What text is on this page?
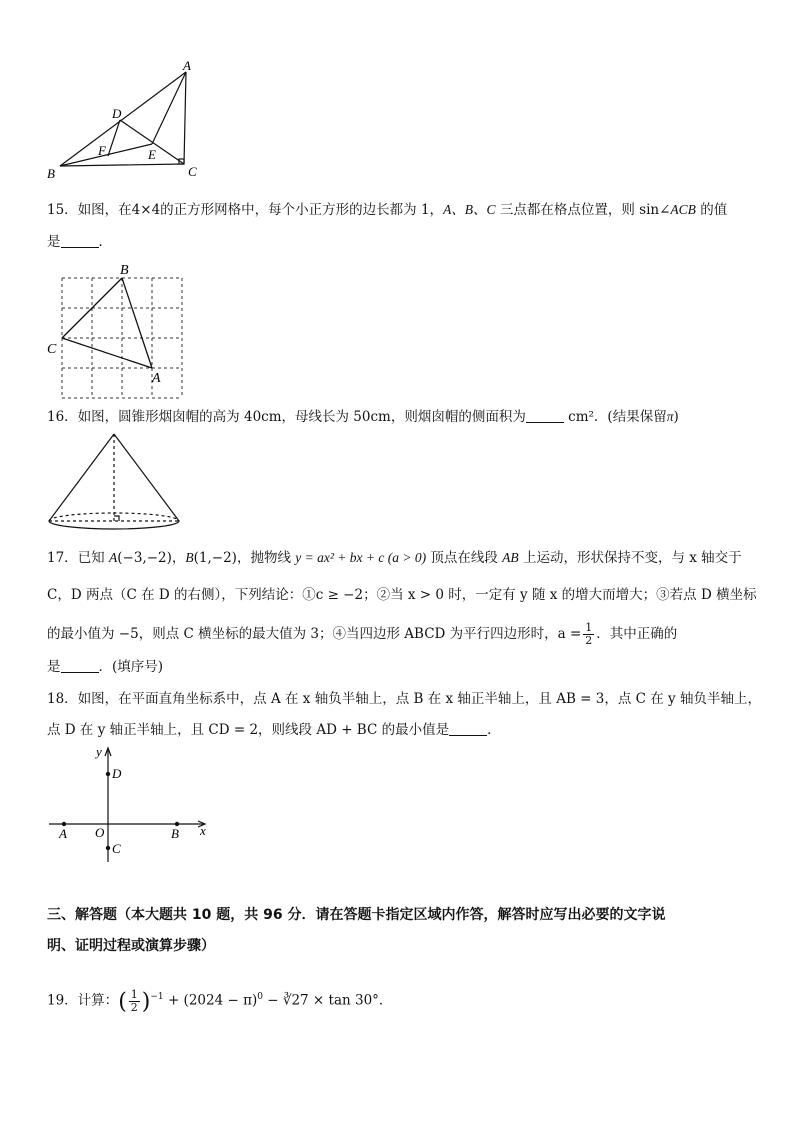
A
B	C
D
E
F
15．如图，在4×4的正方形网格中，每个小正方形的边长都为 1，A、B、C 三点都在格点位置，则 sin∠ACB 的值
是	．
B
C
A
16．如图，圆锥形烟囱帽的高为 40cm，母线长为 50cm，则烟囱帽的侧面积为	cm²．(结果保留π)
17．已知 A(−3,−2)，B(1,−2)，抛物线 y = ax² + bx + c (a > 0) 顶点在线段 AB 上运动，形状保持不变，与 x 轴交于
C，D 两点（C 在 D 的右侧），下列结论：①c ≥ −2；②当 x > 0 时，一定有 y 随 x 的增大而增大；③若点 D 横坐标
的最小值为 −5，则点 C 横坐标的最大值为 3；④当四边形 ABCD 为平行四边形时，$a = \frac{1}{2}$ ．其中正确的
是	．(填序号)
18．如图，在平面直角坐标系中，点 A 在 x 轴负半轴上，点 B 在 x 轴正半轴上，且 AB = 3，点 C 在 y 轴负半轴上，
点 D 在 y 轴正半轴上，且 CD = 2，则线段 AD + BC 的最小值是	．
y
x
O
A	B
D
C
三、解答题（本大题共 10 题，共 96 分．请在答题卡指定区域内作答，解答时应写出必要的文字说
明、证明过程或演算步骤）
19．计算：( $\frac{1}{2} )^{-1} + (2024 - \pi)^0$ − ∛27 × tan 30°．
